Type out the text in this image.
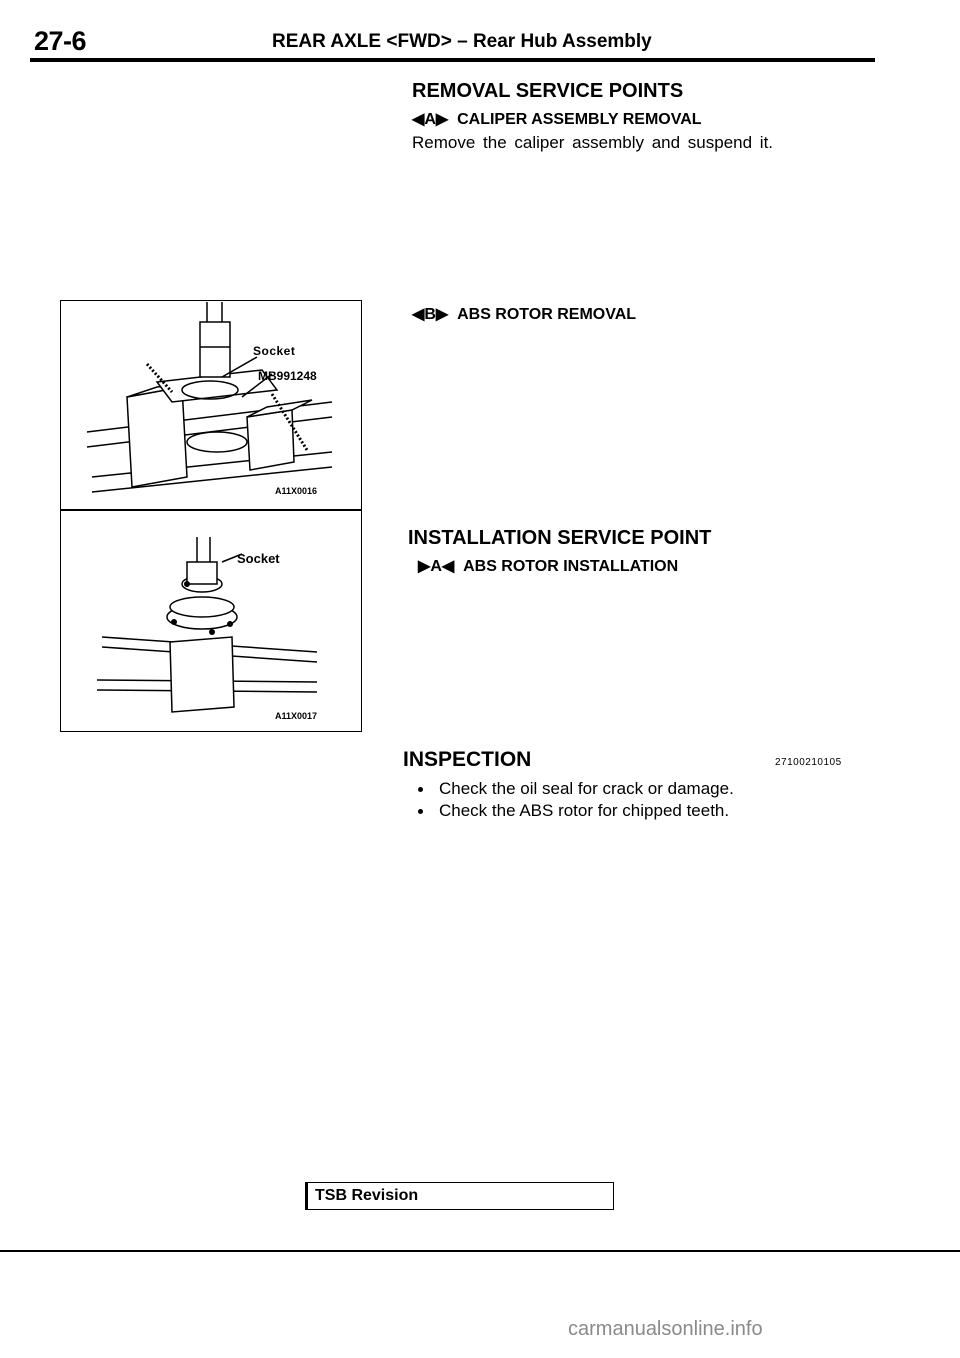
27-6	REAR AXLE <FWD> – Rear Hub Assembly
Socket
MB991248
A11X0016
Socket
A11X0017
REMOVAL SERVICE POINTS
◀A▶ CALIPER ASSEMBLY REMOVAL
Remove the caliper assembly and suspend it.
◀B▶ ABS ROTOR REMOVAL
INSTALLATION SERVICE POINT
▶A◀ ABS ROTOR INSTALLATION
INSPECTION	27100210105
Check the oil seal for crack or damage.
Check the ABS rotor for chipped teeth.
TSB Revision
carmanualsonline.info
